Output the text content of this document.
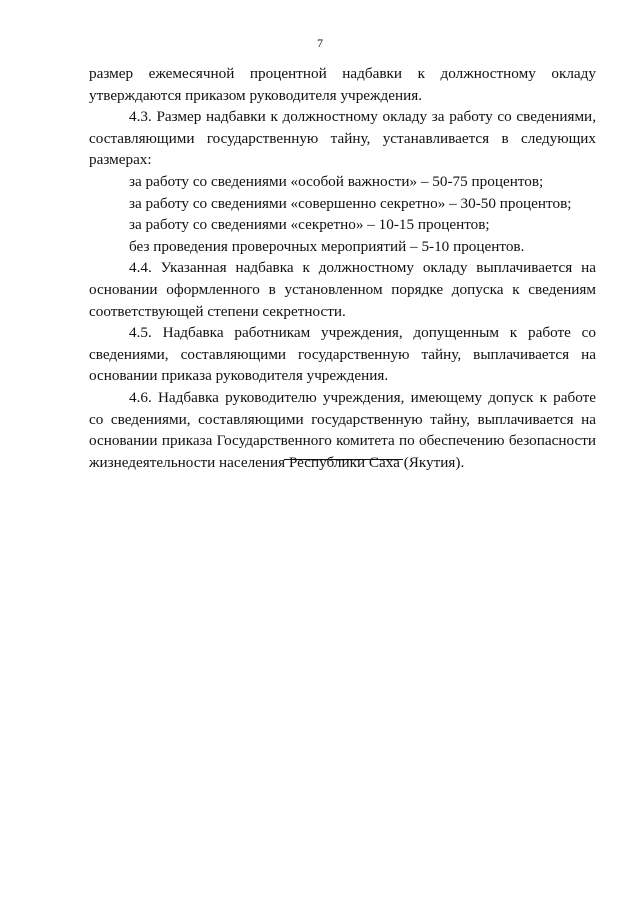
7

размер ежемесячной процентной надбавки к должностному окладу утверждаются приказом руководителя учреждения.

4.3. Размер надбавки к должностному окладу за работу со сведениями, составляющими государственную тайну, устанавливается в следующих размерах:

за работу со сведениями «особой важности» – 50-75 процентов;

за работу со сведениями «совершенно секретно» – 30-50 процентов;

за работу со сведениями «секретно» – 10-15 процентов;

без проведения проверочных мероприятий – 5-10 процентов.

4.4. Указанная надбавка к должностному окладу выплачивается на основании оформленного в установленном порядке допуска к сведениям соответствующей степени секретности.

4.5. Надбавка работникам учреждения, допущенным к работе со сведениями, составляющими государственную тайну, выплачивается на основании приказа руководителя учреждения.

4.6. Надбавка руководителю учреждения, имеющему допуск к работе со сведениями, составляющими государственную тайну, выплачивается на основании приказа Государственного комитета по обеспечению безопасности жизнедеятельности населения Республики Саха (Якутия).
